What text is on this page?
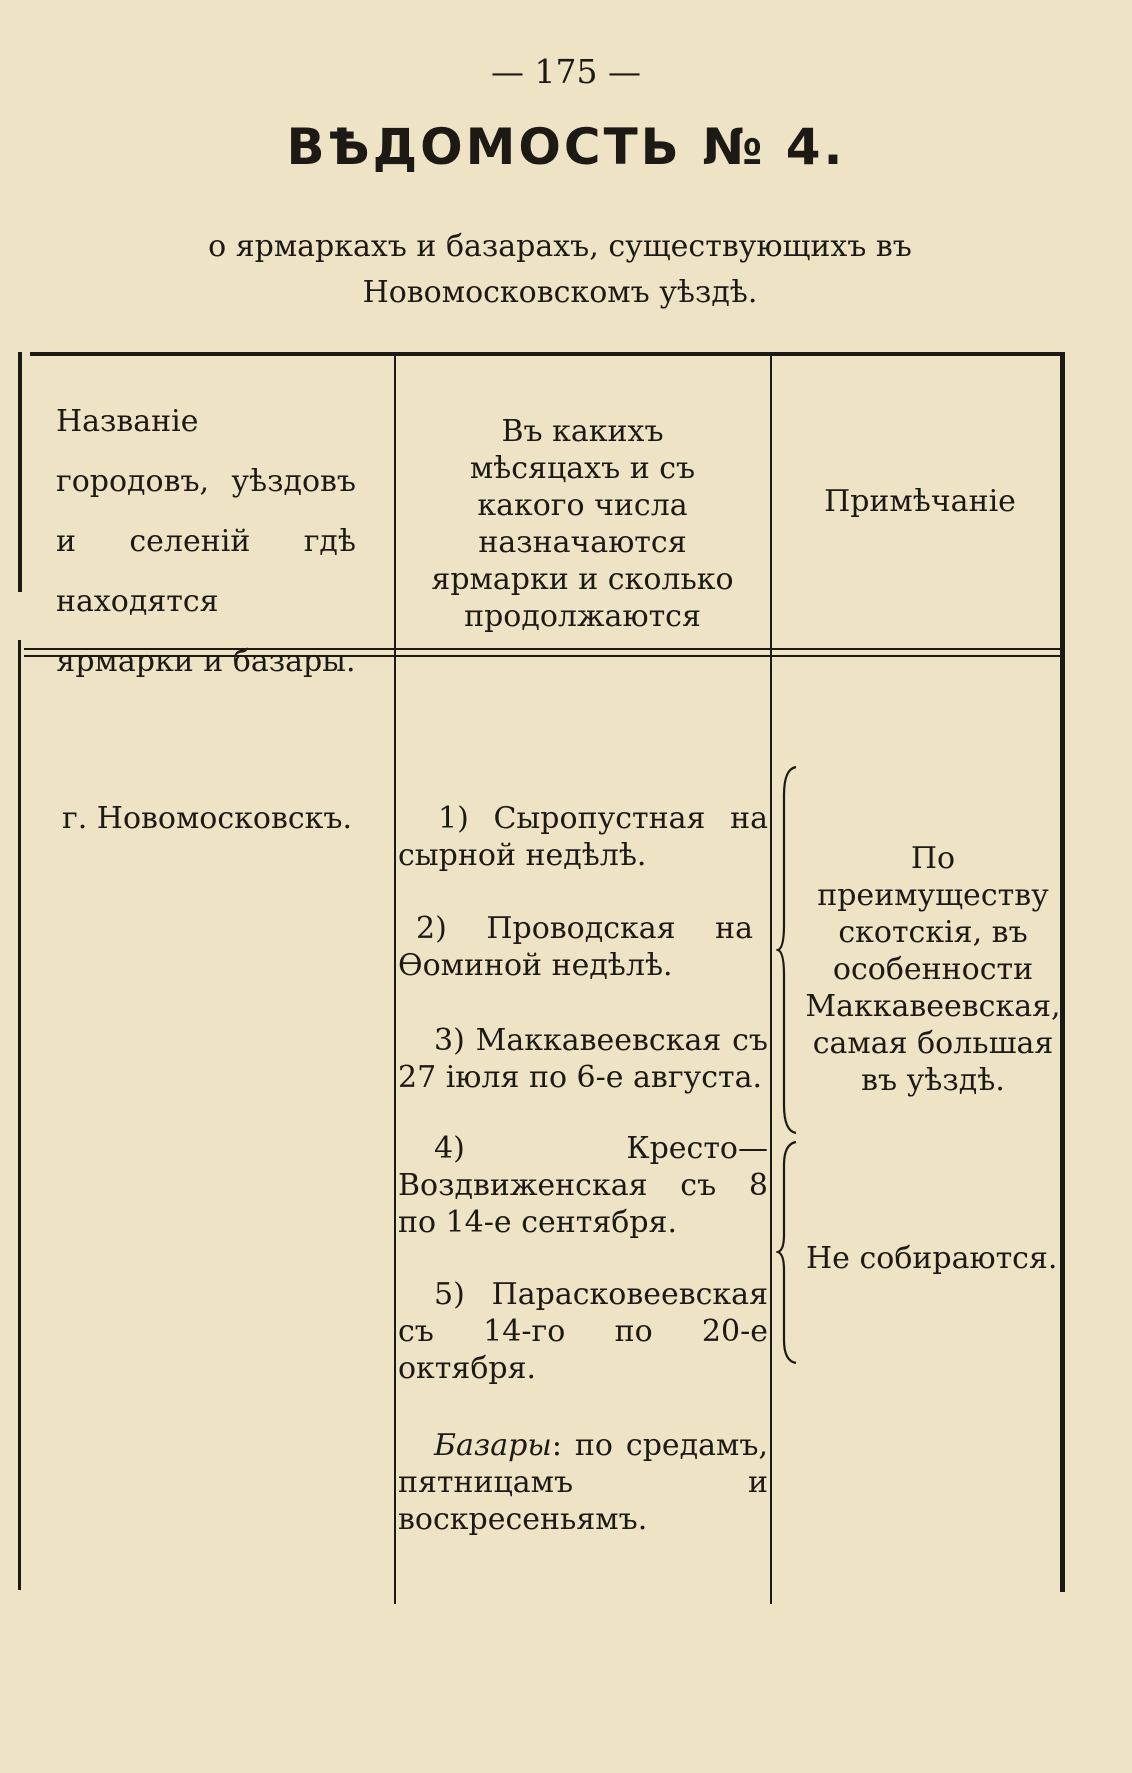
— 175 —
ВѢДОМОСТЬ № 4.
о ярмаркахъ и базарахъ, существующихъ въ Новомосковскомъ уѣздѣ.
Названіе городовъ, уѣздовъ и селеній гдѣ находятся ярмарки и базары.
Въ какихъ мѣсяцахъ и съ какого числа назначаются ярмарки и сколько продолжаются
Примѣчаніе
г. Новомосковскъ.	1) Сыропустная на сырной недѣлѣ.
2) Проводская на Ѳоминой недѣлѣ.
3) Маккавеевская съ 27 іюля по 6-е августа.
4) Кресто—Воздвиженская съ 8 по 14-е сентября.
5) Парасковеевская съ 14-го по 20-е октября.
Базары: по средамъ, пятницамъ и воскресеньямъ.
По преимуществу скотскія, въ особенности Маккавеевская, самая большая въ уѣздѣ.
Не собираются.
